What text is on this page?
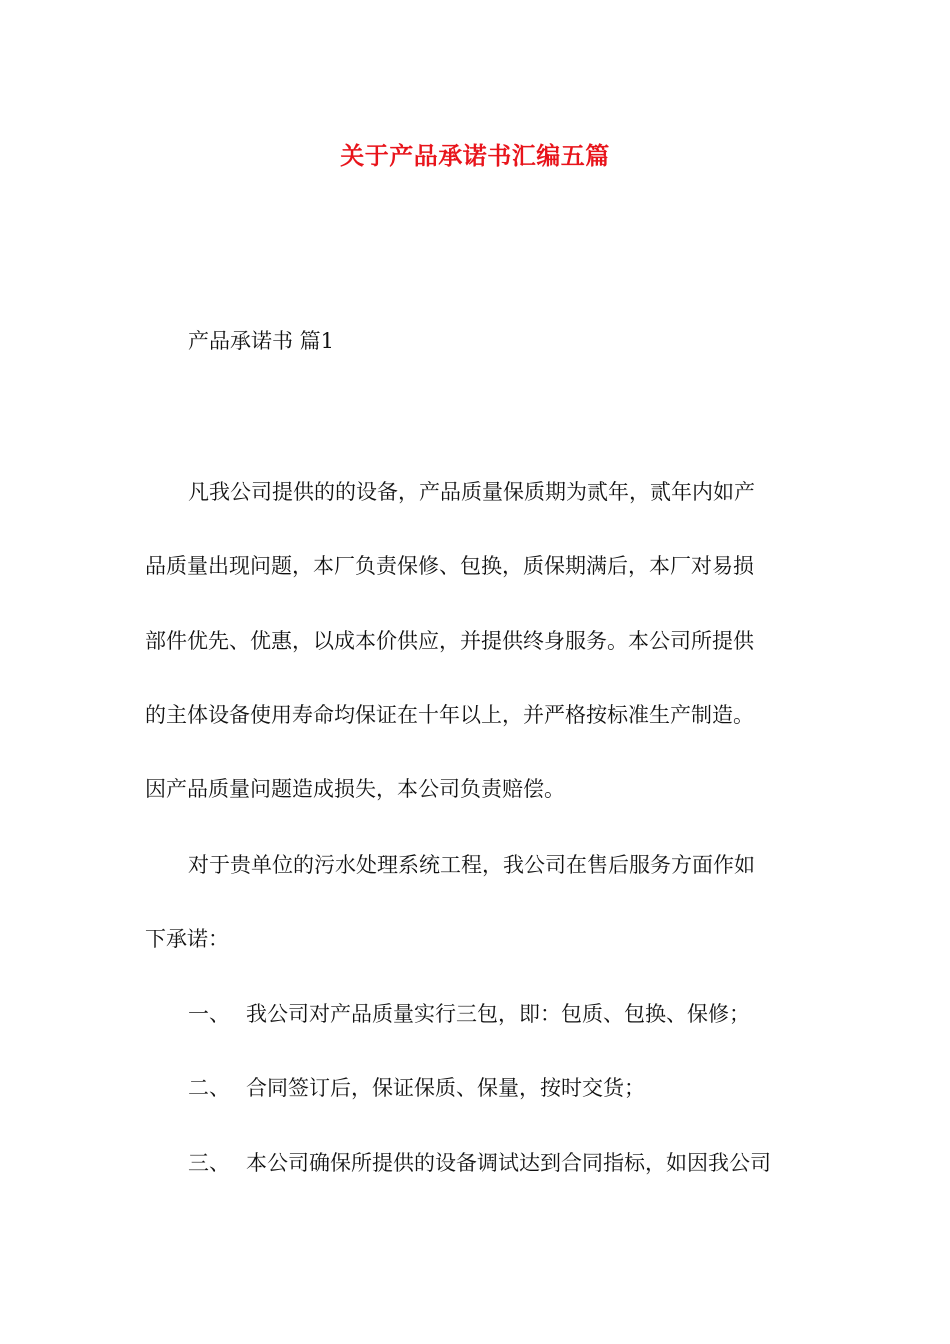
关于产品承诺书汇编五篇
产品承诺书 篇1
凡我公司提供的的设备，产品质量保质期为贰年，贰年内如产
品质量出现问题，本厂负责保修、包换，质保期满后，本厂对易损
部件优先、优惠，以成本价供应，并提供终身服务。本公司所提供
的主体设备使用寿命均保证在十年以上，并严格按标准生产制造。
因产品质量问题造成损失，本公司负责赔偿。
对于贵单位的污水处理系统工程，我公司在售后服务方面作如
下承诺：
一、 我公司对产品质量实行三包，即：包质、包换、保修；
二、 合同签订后，保证保质、保量，按时交货；
三、 本公司确保所提供的设备调试达到合同指标，如因我公司
